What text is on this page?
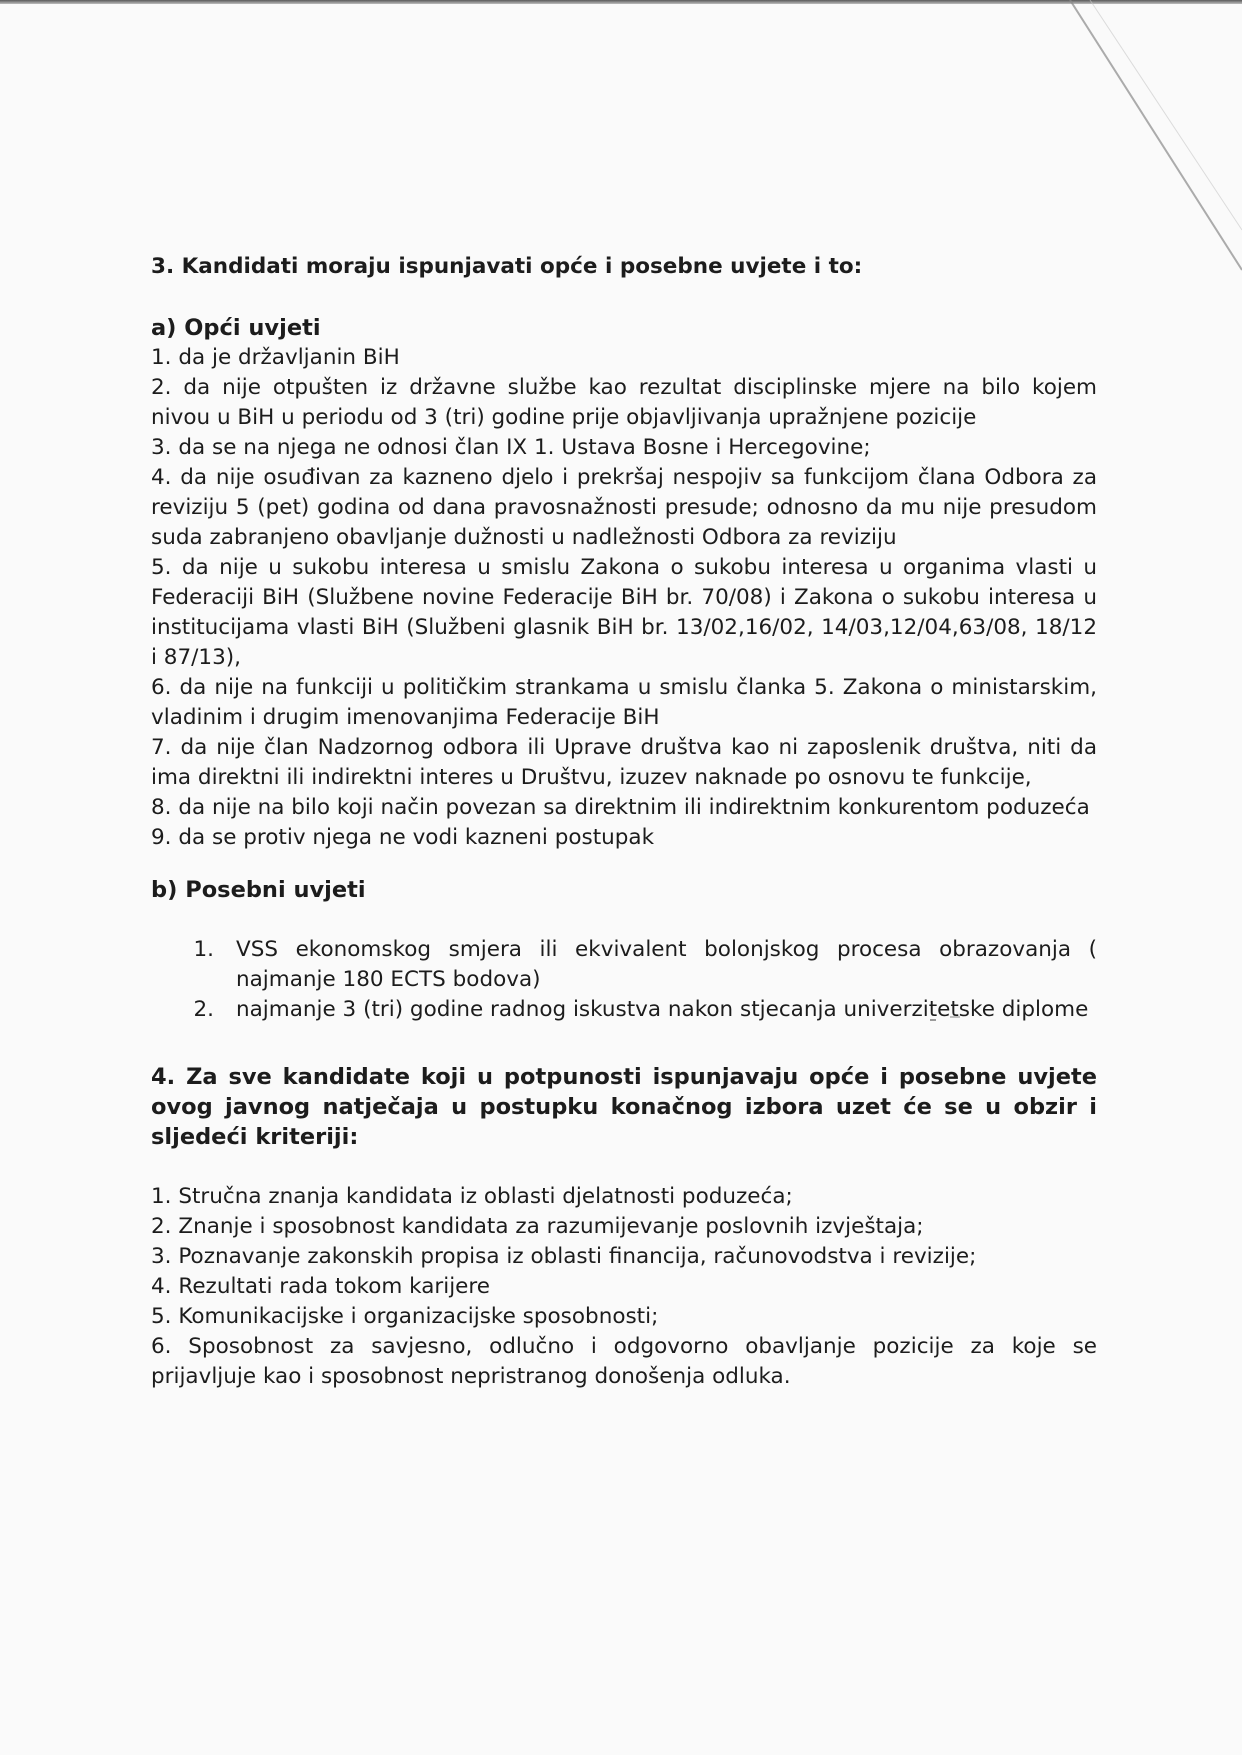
3. Kandidati moraju ispunjavati opće i posebne uvjete i to:
a) Opći uvjeti
1. da je državljanin BiH
2. da nije otpušten iz državne službe kao rezultat disciplinske mjere na bilo kojem nivou u BiH u periodu od 3 (tri) godine prije objavljivanja upražnjene pozicije
3. da se na njega ne odnosi član IX 1. Ustava Bosne i Hercegovine;
4. da nije osuđivan za kazneno djelo i prekršaj nespojiv sa funkcijom člana Odbora za reviziju 5 (pet) godina od dana pravosnažnosti presude; odnosno da mu nije presudom suda zabranjeno obavljanje dužnosti u nadležnosti Odbora za reviziju
5. da nije u sukobu interesa u smislu Zakona o sukobu interesa u organima vlasti u Federaciji BiH (Službene novine Federacije BiH br. 70/08) i Zakona o sukobu interesa u institucijama vlasti BiH (Službeni glasnik BiH br. 13/02,16/02, 14/03,12/04,63/08, 18/12 i 87/13),
6. da nije na funkciji u političkim strankama u smislu članka 5. Zakona o ministarskim, vladinim i drugim imenovanjima Federacije BiH
7. da nije član Nadzornog odbora ili Uprave društva kao ni zaposlenik društva, niti da ima direktni ili indirektni interes u Društvu, izuzev naknade po osnovu te funkcije,
8. da nije na bilo koji način povezan sa direktnim ili indirektnim konkurentom poduzeća
9. da se protiv njega ne vodi kazneni postupak
b) Posebni uvjeti
1.	VSS ekonomskog smjera ili ekvivalent bolonjskog procesa obrazovanja ( najmanje 180 ECTS bodova)
2.	najmanje 3 (tri) godine radnog iskustva nakon stjecanja univerzitetske diplome
4. Za sve kandidate koji u potpunosti ispunjavaju opće i posebne uvjete ovog javnog natječaja u postupku konačnog izbora uzet će se u obzir i sljedeći kriteriji:
1. Stručna znanja kandidata iz oblasti djelatnosti poduzeća;
2. Znanje i sposobnost kandidata za razumijevanje poslovnih izvještaja;
3. Poznavanje zakonskih propisa iz oblasti financija, računovodstva i revizije;
4. Rezultati rada tokom karijere
5. Komunikacijske i organizacijske sposobnosti;
6. Sposobnost za savjesno, odlučno i odgovorno obavljanje pozicije za koje se prijavljuje kao i sposobnost nepristranog donošenja odluka.
